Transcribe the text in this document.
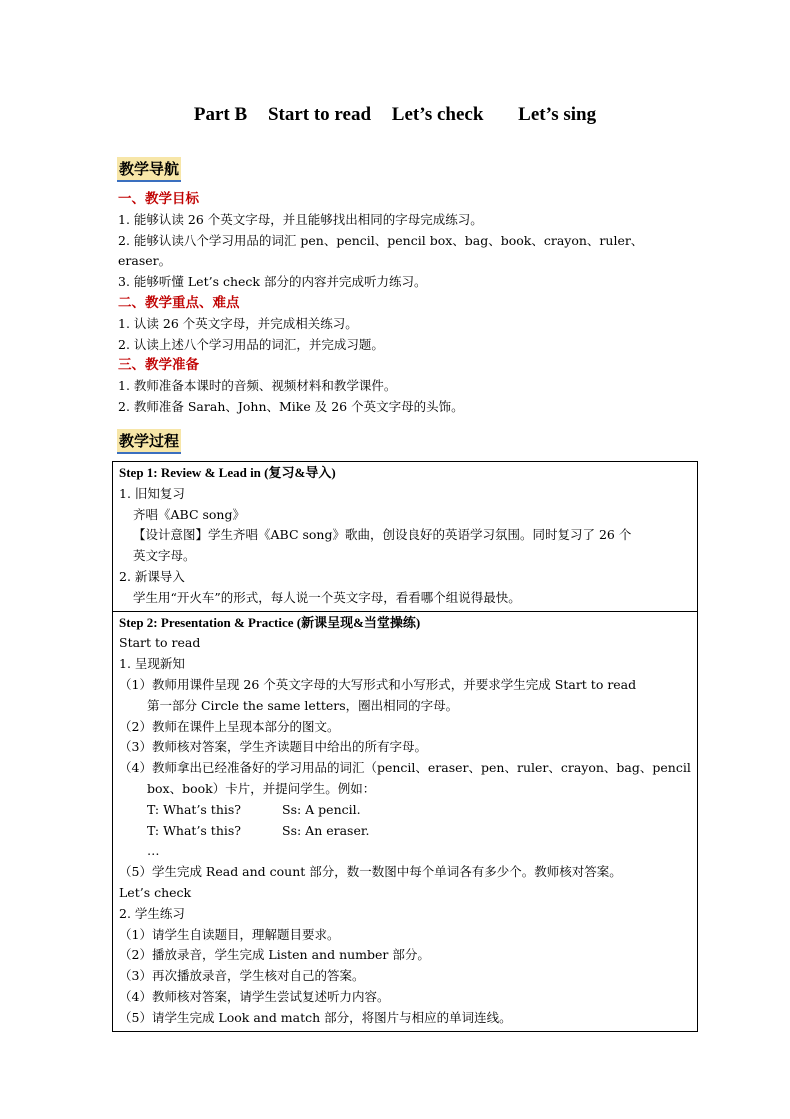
Part B Start to read Let’s check Let’s sing
教学导航
一、教学目标
1. 能够认读 26 个英文字母，并且能够找出相同的字母完成练习。
2. 能够认读八个学习用品的词汇 pen、pencil、pencil box、bag、book、crayon、ruler、
eraser。
3. 能够听懂 Let’s check 部分的内容并完成听力练习。
二、教学重点、难点
1. 认读 26 个英文字母，并完成相关练习。
2. 认读上述八个学习用品的词汇，并完成习题。
三、教学准备
1. 教师准备本课时的音频、视频材料和教学课件。
2. 教师准备 Sarah、John、Mike 及 26 个英文字母的头饰。
教学过程
Step 1: Review & Lead in (复习&导入)
1. 旧知复习
齐唱《ABC song》
【设计意图】学生齐唱《ABC song》歌曲，创设良好的英语学习氛围。同时复习了 26 个
英文字母。
2. 新课导入
学生用“开火车”的形式，每人说一个英文字母，看看哪个组说得最快。

Step 2: Presentation & Practice (新课呈现&当堂操练)
Start to read
1. 呈现新知
（1）教师用课件呈现 26 个英文字母的大写形式和小写形式，并要求学生完成 Start to read
第一部分 Circle the same letters，圈出相同的字母。
（2）教师在课件上呈现本部分的图文。
（3）教师核对答案，学生齐读题目中给出的所有字母。
（4）教师拿出已经准备好的学习用品的词汇（pencil、eraser、pen、ruler、crayon、bag、pencil
box、book）卡片，并提问学生。例如：
T: What’s this?	Ss: A pencil.
T: What’s this?	Ss: An eraser.
…
（5）学生完成 Read and count 部分，数一数图中每个单词各有多少个。教师核对答案。
Let’s check
2. 学生练习
（1）请学生自读题目，理解题目要求。
（2）播放录音，学生完成 Listen and number 部分。
（3）再次播放录音，学生核对自己的答案。
（4）教师核对答案，请学生尝试复述听力内容。
（5）请学生完成 Look and match 部分，将图片与相应的单词连线。
